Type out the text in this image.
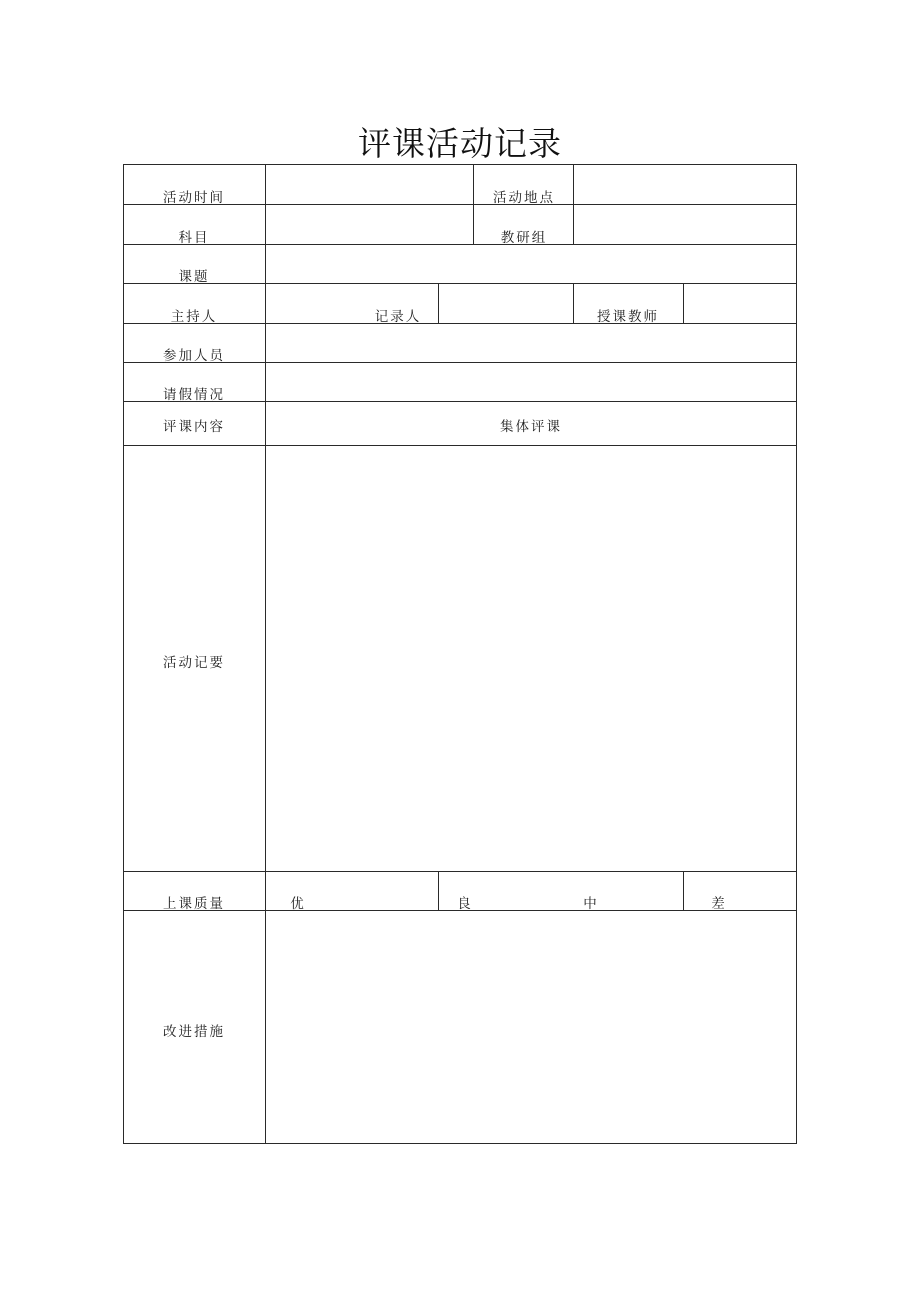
评课活动记录
活动时间	活动地点
科目	教研组
课题
主持人	记录人	授课教师
参加人员
请假情况
评课内容	集体评课
活动记要
上课质量	优	良	中	差
改进措施
